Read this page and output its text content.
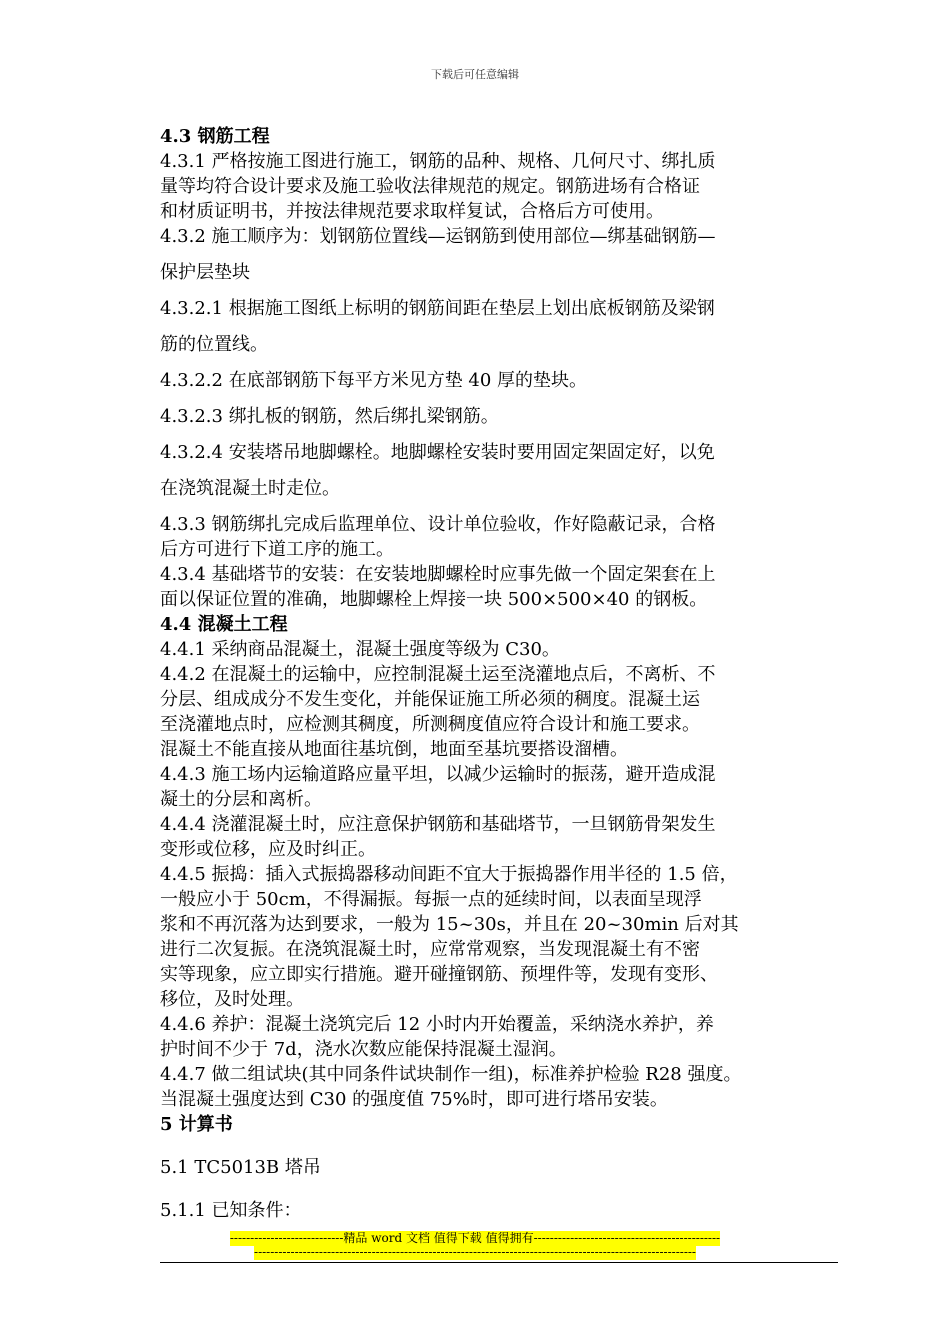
下载后可任意编辑

4.3 钢筋工程

4.3.1 严格按施工图进行施工，钢筋的品种、规格、几何尺寸、绑扎质

量等均符合设计要求及施工验收法律规范的规定。钢筋进场有合格证

和材质证明书，并按法律规范要求取样复试，合格后方可使用。

4.3.2 施工顺序为：划钢筋位置线—运钢筋到使用部位—绑基础钢筋—

保护层垫块

4.3.2.1 根据施工图纸上标明的钢筋间距在垫层上划出底板钢筋及梁钢

筋的位置线。

4.3.2.2 在底部钢筋下每平方米见方垫 40 厚的垫块。

4.3.2.3 绑扎板的钢筋，然后绑扎梁钢筋。

4.3.2.4 安装塔吊地脚螺栓。地脚螺栓安装时要用固定架固定好，以免

在浇筑混凝土时走位。

4.3.3 钢筋绑扎完成后监理单位、设计单位验收，作好隐蔽记录，合格

后方可进行下道工序的施工。

4.3.4 基础塔节的安装：在安装地脚螺栓时应事先做一个固定架套在上

面以保证位置的准确，地脚螺栓上焊接一块 500×500×40 的钢板。

4.4 混凝土工程

4.4.1 采纳商品混凝土，混凝土强度等级为 C30。

4.4.2 在混凝土的运输中，应控制混凝土运至浇灌地点后，不离析、不

分层、组成成分不发生变化，并能保证施工所必须的稠度。混凝土运

至浇灌地点时，应检测其稠度，所测稠度值应符合设计和施工要求。

混凝土不能直接从地面往基坑倒，地面至基坑要搭设溜槽。

4.4.3 施工场内运输道路应量平坦，以减少运输时的振荡，避开造成混

凝土的分层和离析。

4.4.4 浇灌混凝土时，应注意保护钢筋和基础塔节，一旦钢筋骨架发生

变形或位移，应及时纠正。

4.4.5 振捣：插入式振捣器移动间距不宜大于振捣器作用半径的 1.5 倍，

一般应小于 50cm，不得漏振。每振一点的延续时间，以表面呈现浮

浆和不再沉落为达到要求，一般为 15~30s，并且在 20~30min 后对其

进行二次复振。在浇筑混凝土时，应常常观察，当发现混凝土有不密

实等现象，应立即实行措施。避开碰撞钢筋、预埋件等，发现有变形、

移位，及时处理。

4.4.6 养护：混凝土浇筑完后 12 小时内开始覆盖，采纳浇水养护，养

护时间不少于 7d，浇水次数应能保持混凝土湿润。

4.4.7 做二组试块(其中同条件试块制作一组)，标准养护检验 R28 强度。

当混凝土强度达到 C30 的强度值 75%时，即可进行塔吊安装。

5 计算书

5.1 TC5013B 塔吊

5.1.1 已知条件：

----------------------------精品 word 文档 值得下载 值得拥有----------------------------------------------
-------------------------------------------------------------------------------------------------------------
